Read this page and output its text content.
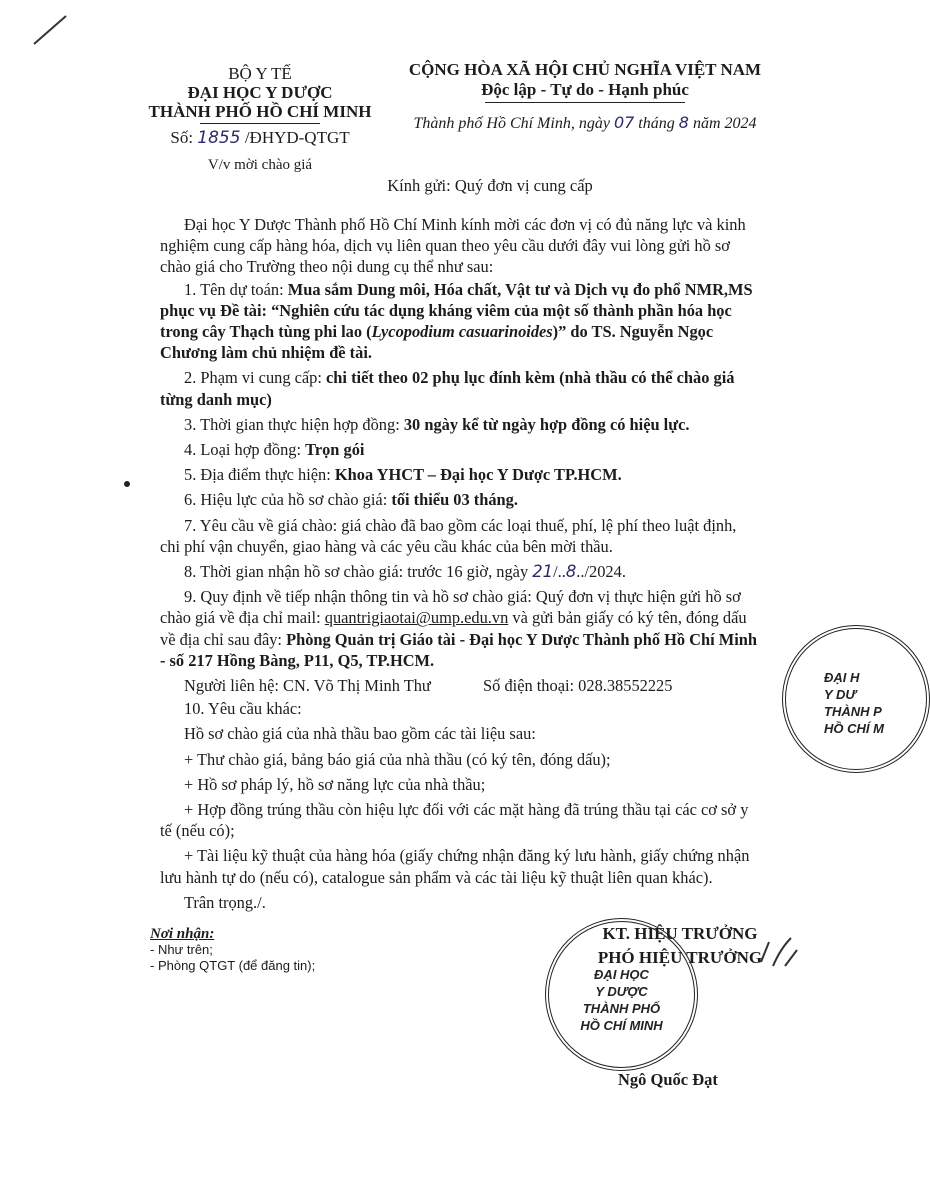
BỘ Y TẾ
ĐẠI HỌC Y DƯỢC
THÀNH PHỐ HỒ CHÍ MINH
Số: 1855 /ĐHYD-QTGT
V/v mời chào giá
CỘNG HÒA XÃ HỘI CHỦ NGHĨA VIỆT NAM
Độc lập - Tự do - Hạnh phúc
Thành phố Hồ Chí Minh, ngày 07 tháng 8 năm 2024
Kính gửi: Quý đơn vị cung cấp

Đại học Y Dược Thành phố Hồ Chí Minh kính mời các đơn vị có đủ năng lực và kinh nghiệm cung cấp hàng hóa, dịch vụ liên quan theo yêu cầu dưới đây vui lòng gửi hồ sơ chào giá cho Trường theo nội dung cụ thể như sau:

1. Tên dự toán: Mua sắm Dung môi, Hóa chất, Vật tư và Dịch vụ đo phổ NMR,MS phục vụ Đề tài: “Nghiên cứu tác dụng kháng viêm của một số thành phần hóa học trong cây Thạch tùng phi lao (Lycopodium casuarinoides)” do TS. Nguyễn Ngọc Chương làm chủ nhiệm đề tài.

2. Phạm vi cung cấp: chi tiết theo 02 phụ lục đính kèm (nhà thầu có thể chào giá từng danh mục)

3. Thời gian thực hiện hợp đồng: 30 ngày kể từ ngày hợp đồng có hiệu lực.

4. Loại hợp đồng: Trọn gói

5. Địa điểm thực hiện: Khoa YHCT – Đại học Y Dược TP.HCM.

6. Hiệu lực của hồ sơ chào giá: tối thiểu 03 tháng.

7. Yêu cầu về giá chào: giá chào đã bao gồm các loại thuế, phí, lệ phí theo luật định, chi phí vận chuyển, giao hàng và các yêu cầu khác của bên mời thầu.

8. Thời gian nhận hồ sơ chào giá: trước 16 giờ, ngày 21/..8../2024.

9. Quy định về tiếp nhận thông tin và hồ sơ chào giá: Quý đơn vị thực hiện gửi hồ sơ chào giá về địa chỉ mail: quantrigiaotai@ump.edu.vn và gửi bản giấy có ký tên, đóng dấu về địa chỉ sau đây: Phòng Quản trị Giáo tài - Đại học Y Dược Thành phố Hồ Chí Minh - số 217 Hồng Bàng, P11, Q5, TP.HCM.

Người liên hệ: CN. Võ Thị Minh Thư	Số điện thoại: 028.38552225

10. Yêu cầu khác:

Hồ sơ chào giá của nhà thầu bao gồm các tài liệu sau:

+ Thư chào giá, bảng báo giá của nhà thầu (có ký tên, đóng dấu);

+ Hồ sơ pháp lý, hồ sơ năng lực của nhà thầu;

+ Hợp đồng trúng thầu còn hiệu lực đối với các mặt hàng đã trúng thầu tại các cơ sở y tế (nếu có);

+ Tài liệu kỹ thuật của hàng hóa (giấy chứng nhận đăng ký lưu hành, giấy chứng nhận lưu hành tự do (nếu có), catalogue sản phẩm và các tài liệu kỹ thuật liên quan khác).

Trân trọng./.

Nơi nhận:
- Như trên;
- Phòng QTGT (để đăng tin);
KT. HIỆU TRƯỞNG
PHÓ HIỆU TRƯỞNG
ĐẠI HỌC
Y DƯỢC
THÀNH PHỐ
HỒ CHÍ MINH
Ngô Quốc Đạt
ĐẠI H
Y DƯ
THÀNH P
HỒ CHÍ M
